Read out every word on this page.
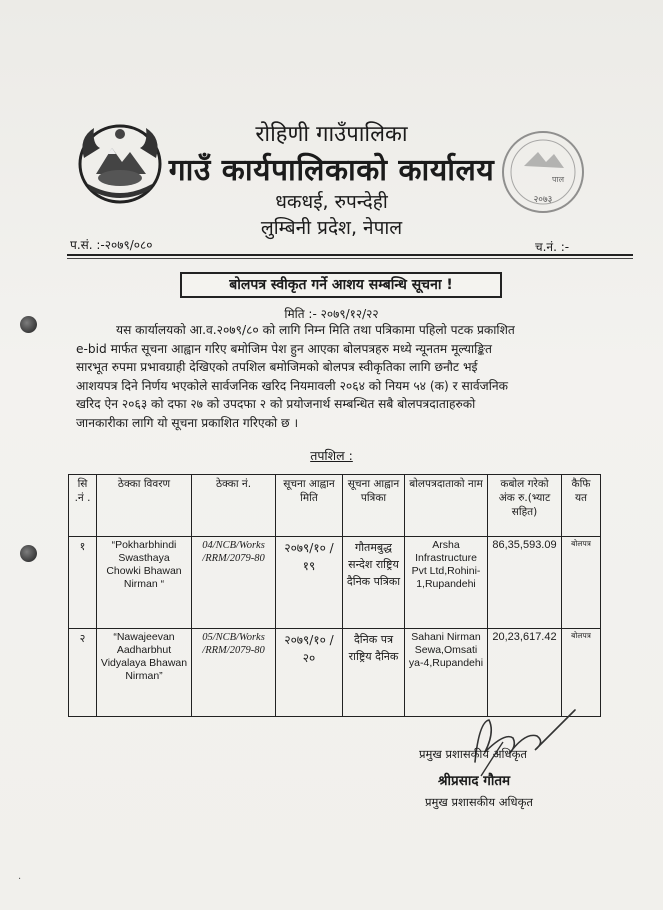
२०७३
पाल
रोहिणी गाउँपालिका
गाउँ कार्यपालिकाको कार्यालय
धकधई, रुपन्देही
लुम्बिनी प्रदेश, नेपाल
प.सं. :-२०७९/०८०	च.नं. :-
बोलपत्र स्वीकृत गर्ने आशय सम्बन्धि सूचना !
मिति :- २०७९/१२/२२
यस कार्यालयको आ.व.२०७९/८० को लागि निम्न मिति तथा पत्रिकामा पहिलो पटक प्रकाशित
e-bid मार्फत सूचना आह्वान गरिए बमोजिम पेश हुन आएका बोलपत्रहरु मध्ये न्यूनतम मूल्याङ्कित
सारभूत रुपमा प्रभावग्राही देखिएको तपशिल बमोजिमको बोलपत्र स्वीकृतिका लागि छनौट भई
आशयपत्र दिने निर्णय भएकोले सार्वजनिक खरिद नियमावली २०६४ को नियम ५४ (क) र सार्वजनिक
खरिद ऐन २०६३ को दफा २७ को उपदफा २ को प्रयोजनार्थ सम्बन्धित सबै बोलपत्रदाताहरुको
जानकारीका लागि यो सूचना प्रकाशित गरिएको छ ।
तपशिल :
सि .नं .	ठेक्का विवरण	ठेक्का नं.	सूचना आह्वान मिति	सूचना आह्वान पत्रिका	बोलपत्रदाताको नाम	कबोल गरेको अंक रु.(भ्याट सहित)	कैफि यत
१	“Pokharbhindi Swasthaya Chowki Bhawan Nirman “	04/NCB/Works /RRM/2079-80	२०७९/१० /१९	गौतमबुद्ध सन्देश राष्ट्रिय दैनिक पत्रिका	Arsha Infrastructure Pvt Ltd,Rohini-1,Rupandehi	86,35,593.09	बोलपत्र
२	“Nawajeevan Aadharbhut Vidyalaya Bhawan Nirman”	05/NCB/Works /RRM/2079-80	२०७९/१० /२०	दैनिक पत्र राष्ट्रिय दैनिक	Sahani Nirman Sewa,Omsati ya-4,Rupandehi	20,23,617.42	बोलपत्र
प्रमुख प्रशासकीय अधिकृत
श्रीप्रसाद गौतम
प्रमुख प्रशासकीय अधिकृत
·
